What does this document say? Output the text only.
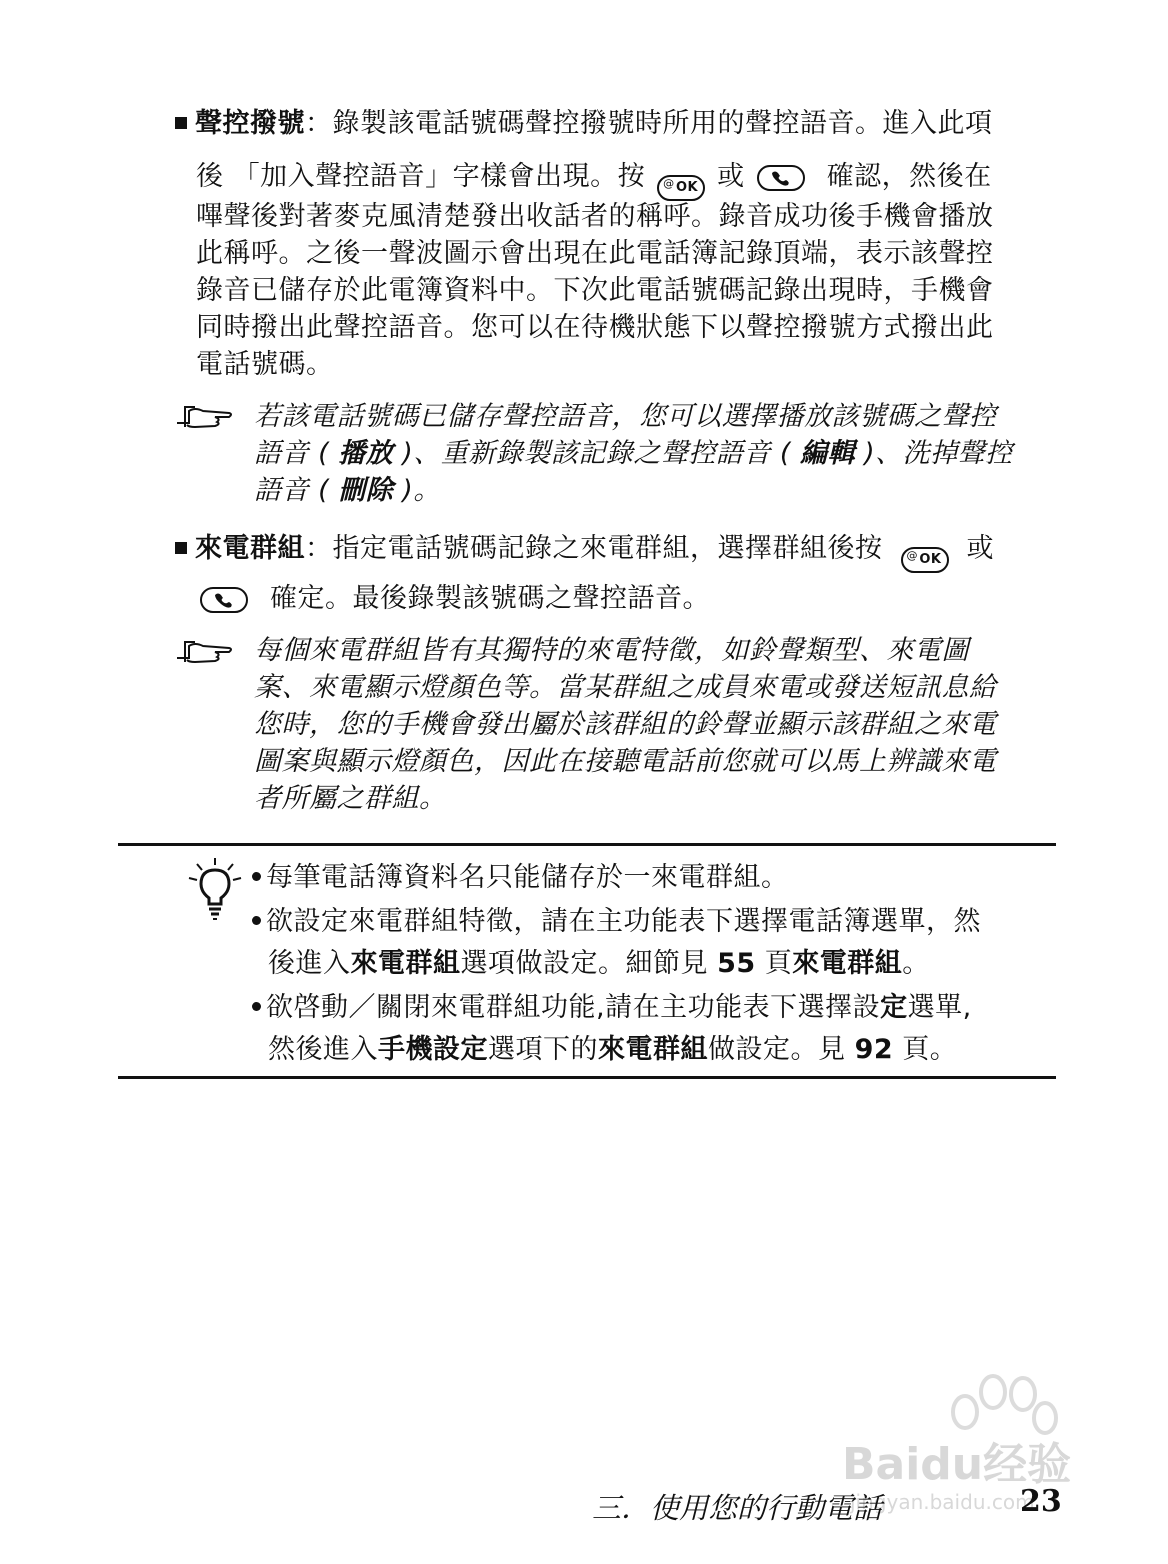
聲控撥號：錄製該電話號碼聲控撥號時所用的聲控語音。進入此項
後 「加入聲控語音」字樣會出現。按 @ OK 或	確認，然後在
嗶聲後對著麥克風清楚發出收話者的稱呼。錄音成功後手機會播放
此稱呼。之後一聲波圖示會出現在此電話簿記錄頂端，表示該聲控
錄音已儲存於此電簿資料中。下次此電話號碼記錄出現時，手機會
同時撥出此聲控語音。您可以在待機狀態下以聲控撥號方式撥出此
電話號碼。
若該電話號碼已儲存聲控語音，您可以選擇播放該號碼之聲控
語音 ( 播放 )、重新錄製該記錄之聲控語音 ( 編輯 )、洗掉聲控
語音 ( 刪除 )。
來電群組：指定電話號碼記錄之來電群組，選擇群組後按 @ OK 或
確定。最後錄製該號碼之聲控語音。
每個來電群組皆有其獨特的來電特徵，如鈴聲類型、來電圖
案、來電顯示燈顏色等。當某群組之成員來電或發送短訊息給
您時，您的手機會發出屬於該群組的鈴聲並顯示該群組之來電
圖案與顯示燈顏色，因此在接聽電話前您就可以馬上辨識來電
者所屬之群組。
每筆電話簿資料名只能儲存於一來電群組。
欲設定來電群組特徵，請在主功能表下選擇電話簿選單，然
後進入來電群組選項做設定。細節見 55 頁來電群組。
欲啓動／關閉來電群組功能,請在主功能表下選擇設定選單,
然後進入手機設定選項下的來電群組做設定。見 92 頁。
Baidu经验
jingyan.baidu.com
三．使用您的行動電話	23
